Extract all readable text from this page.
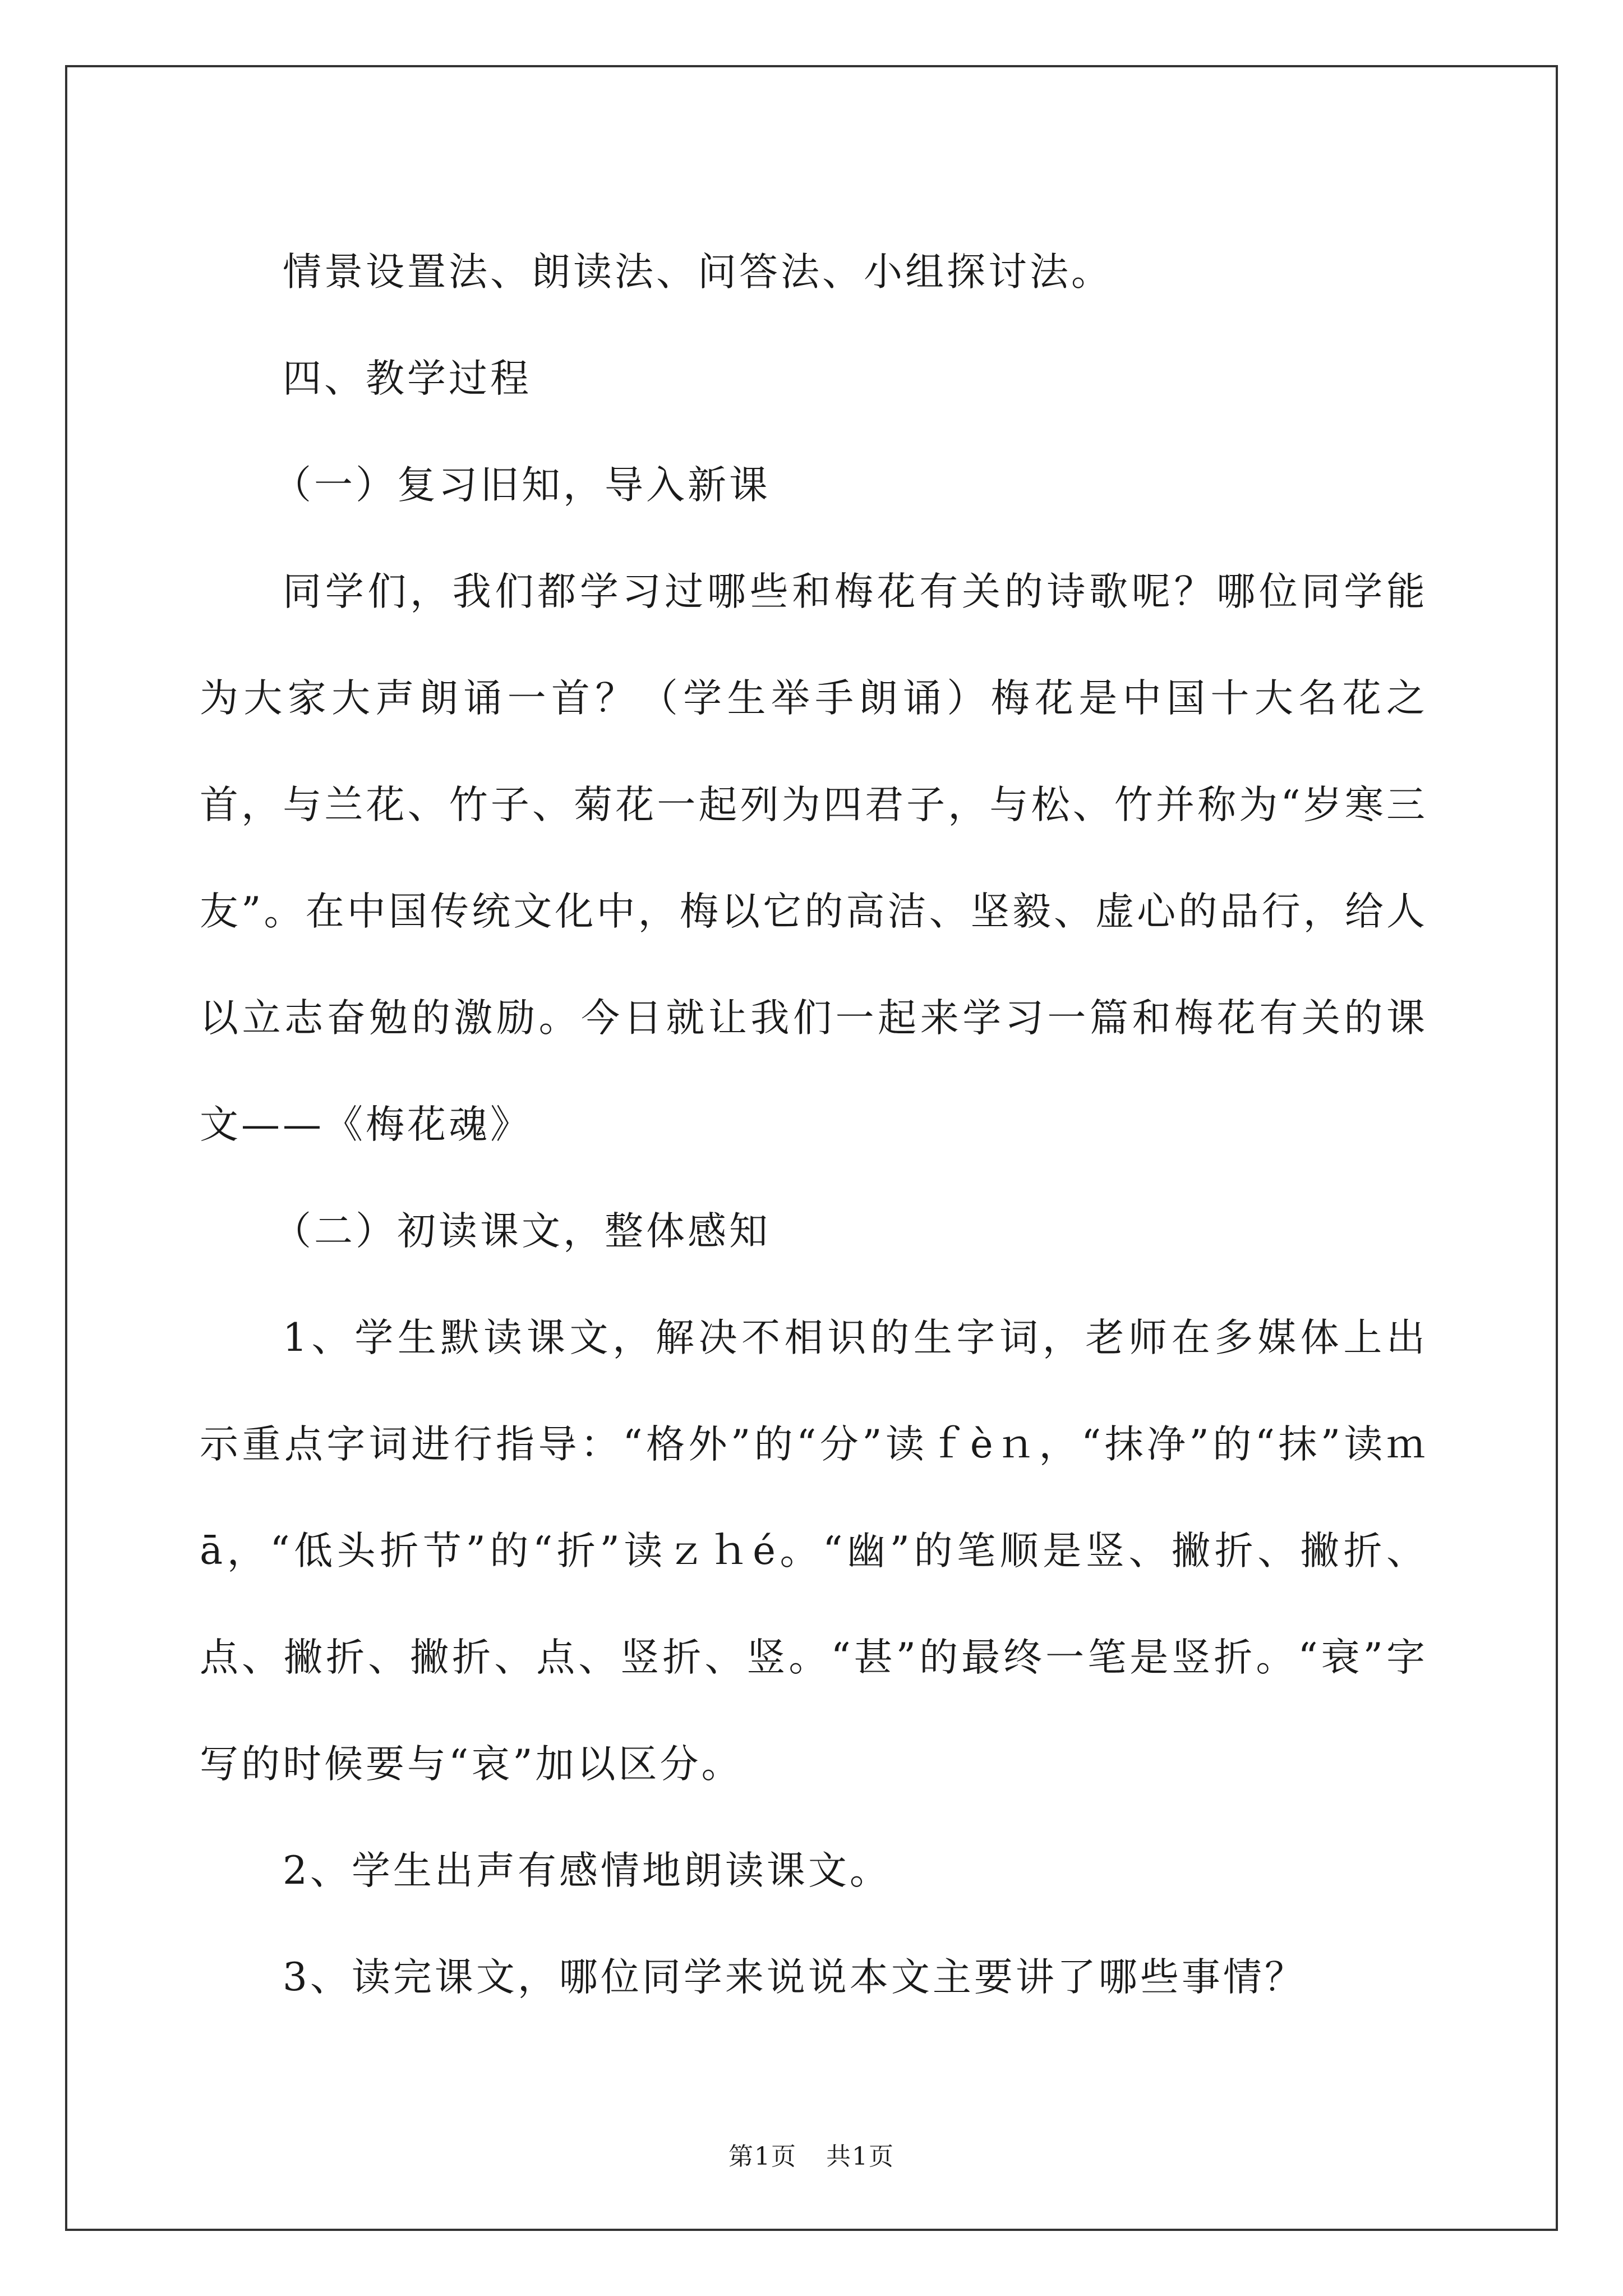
情景设置法、朗读法、问答法、小组探讨法。

四、教学过程

（一）复习旧知，导入新课

同学们，我们都学习过哪些和梅花有关的诗歌呢？哪位同学能为大家大声朗诵一首？（学生举手朗诵）梅花是中国十大名花之首，与兰花、竹子、菊花一起列为四君子，与松、竹并称为“岁寒三友”。在中国传统文化中，梅以它的高洁、坚毅、虚心的品行，给人以立志奋勉的激励。今日就让我们一起来学习一篇和梅花有关的课文——《梅花魂》

（二）初读课文，整体感知

1、学生默读课文，解决不相识的生字词，老师在多媒体上出示重点字词进行指导：“格外”的“分”读ｆèｎ，“抹净”的“抹”读ｍā，“低头折节”的“折”读ｚｈé。“幽”的笔顺是竖、撇折、撇折、点、撇折、撇折、点、竖折、竖。“甚”的最终一笔是竖折。“衰”字写的时候要与“哀”加以区分。

2、学生出声有感情地朗读课文。

3、读完课文，哪位同学来说说本文主要讲了哪些事情？

第1页 共1页
